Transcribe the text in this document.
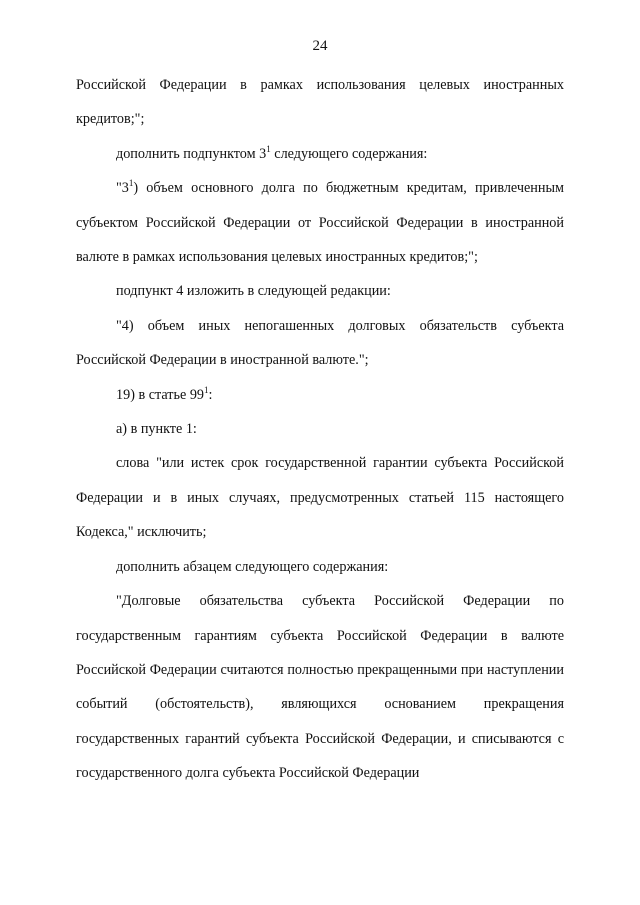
24

Российской Федерации в рамках использования целевых иностранных кредитов;";

дополнить подпунктом $3^1$ следующего содержания:

"$3^1$) объем основного долга по бюджетным кредитам, привлеченным субъектом Российской Федерации от Российской Федерации в иностранной валюте в рамках использования целевых иностранных кредитов;";

подпункт 4 изложить в следующей редакции:

"4) объем иных непогашенных долговых обязательств субъекта Российской Федерации в иностранной валюте.";

19) в статье $99^1$:

а) в пункте 1:

слова "или истек срок государственной гарантии субъекта Российской Федерации и в иных случаях, предусмотренных статьей 115 настоящего Кодекса," исключить;

дополнить абзацем следующего содержания:

"Долговые обязательства субъекта Российской Федерации по государственным гарантиям субъекта Российской Федерации в валюте Российской Федерации считаются полностью прекращенными при наступлении событий (обстоятельств), являющихся основанием прекращения государственных гарантий субъекта Российской Федерации, и списываются с государственного долга субъекта Российской Федерации
